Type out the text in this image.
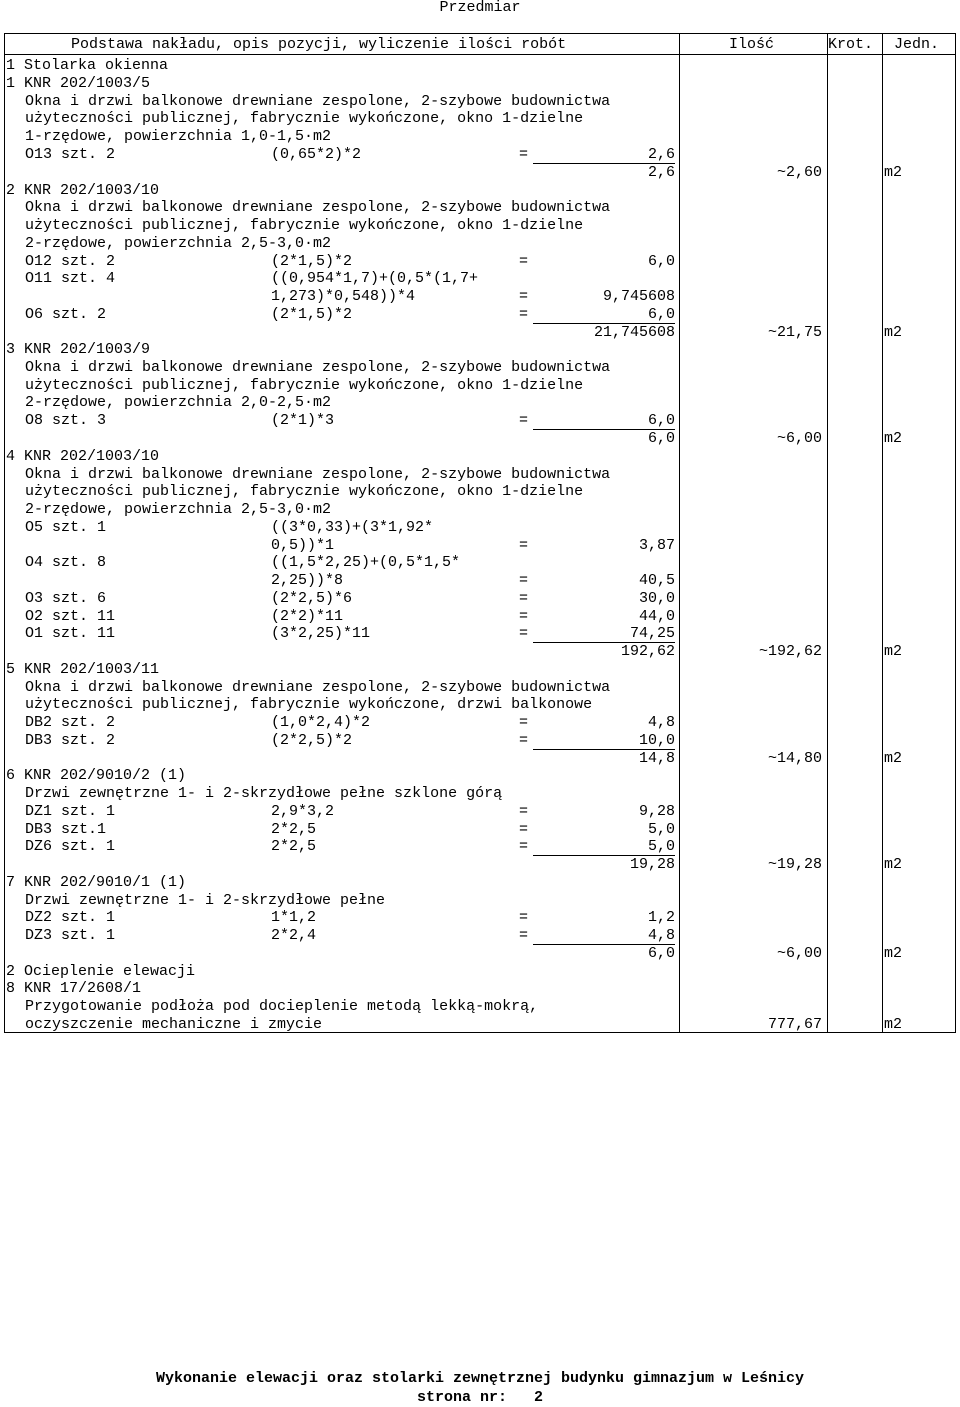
Przedmiar
Podstawa nakładu, opis pozycji, wyliczenie ilości robót	Ilość	Krot. Jedn.
1 Stolarka okienna
1 KNR 202/1003/5
Okna i drzwi balkonowe drewniane zespolone, 2-szybowe budownictwa
użyteczności publicznej, fabrycznie wykończone, okno 1-dzielne
1-rzędowe, powierzchnia 1,0-1,5·m2
O13 szt. 2	(0,65*2)*2	=	2,6
2,6	~2,60	m2
2 KNR 202/1003/10
Okna i drzwi balkonowe drewniane zespolone, 2-szybowe budownictwa
użyteczności publicznej, fabrycznie wykończone, okno 1-dzielne
2-rzędowe, powierzchnia 2,5-3,0·m2
O12 szt. 2	(2*1,5)*2	=	6,0
O11 szt. 4	((0,954*1,7)+(0,5*(1,7+
1,273)*0,548))*4	=	9,745608
O6 szt. 2	(2*1,5)*2	=	6,0
21,745608	~21,75	m2
3 KNR 202/1003/9
Okna i drzwi balkonowe drewniane zespolone, 2-szybowe budownictwa
użyteczności publicznej, fabrycznie wykończone, okno 1-dzielne
2-rzędowe, powierzchnia 2,0-2,5·m2
O8 szt. 3	(2*1)*3	=	6,0
6,0	~6,00	m2
4 KNR 202/1003/10
Okna i drzwi balkonowe drewniane zespolone, 2-szybowe budownictwa
użyteczności publicznej, fabrycznie wykończone, okno 1-dzielne
2-rzędowe, powierzchnia 2,5-3,0·m2
O5 szt. 1	((3*0,33)+(3*1,92*
0,5))*1	=	3,87
O4 szt. 8	((1,5*2,25)+(0,5*1,5*
2,25))*8	=	40,5
O3 szt. 6	(2*2,5)*6	=	30,0
O2 szt. 11	(2*2)*11	=	44,0
O1 szt. 11	(3*2,25)*11	=	74,25
192,62	~192,62	m2
5 KNR 202/1003/11
Okna i drzwi balkonowe drewniane zespolone, 2-szybowe budownictwa
użyteczności publicznej, fabrycznie wykończone, drzwi balkonowe
DB2 szt. 2	(1,0*2,4)*2	=	4,8
DB3 szt. 2	(2*2,5)*2	=	10,0
14,8	~14,80	m2
6 KNR 202/9010/2 (1)
Drzwi zewnętrzne 1- i 2-skrzydłowe pełne szklone górą
DZ1 szt. 1	2,9*3,2	=	9,28
DB3 szt.1	2*2,5	=	5,0
DZ6 szt. 1	2*2,5	=	5,0
19,28	~19,28	m2
7 KNR 202/9010/1 (1)
Drzwi zewnętrzne 1- i 2-skrzydłowe pełne
DZ2 szt. 1	1*1,2	=	1,2
DZ3 szt. 1	2*2,4	=	4,8
6,0	~6,00	m2
2 Ocieplenie elewacji
8 KNR 17/2608/1
Przygotowanie podłoża pod docieplenie metodą lekką-mokrą,
oczyszczenie mechaniczne i zmycie	777,67	m2
Wykonanie elewacji oraz stolarki zewnętrznej budynku gimnazjum w Leśnicy
strona nr:   2
